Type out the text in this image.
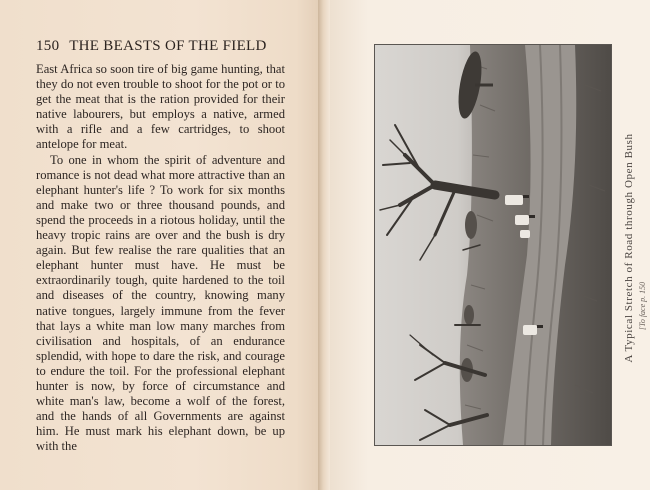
150 THE BEASTS OF THE FIELD

East Africa so soon tire of big game hunting, that they do not even trouble to shoot for the pot or to get the meat that is the ration provided for their native labourers, but employs a native, armed with a rifle and a few cartridges, to shoot antelope for meat.

To one in whom the spirit of adventure and romance is not dead what more attractive than an elephant hunter's life ? To work for six months and make two or three thousand pounds, and spend the proceeds in a riotous holiday, until the heavy tropic rains are over and the bush is dry again. But few realise the rare qualities that an elephant hunter must have. He must be extraordinarily tough, quite hardened to the toil and diseases of the country, knowing many native tongues, largely immune from the fever that lays a white man low many marches from civilisation and hospitals, of an endurance splendid, with hope to dare the risk, and courage to endure the toil. For the professional elephant hunter is now, by force of circumstance and white man's law, become a wolf of the forest, and the hands of all Governments are against him. He must mark his elephant down, be up with the

A Typical Stretch of Road through Open Bush [To face p. 150
